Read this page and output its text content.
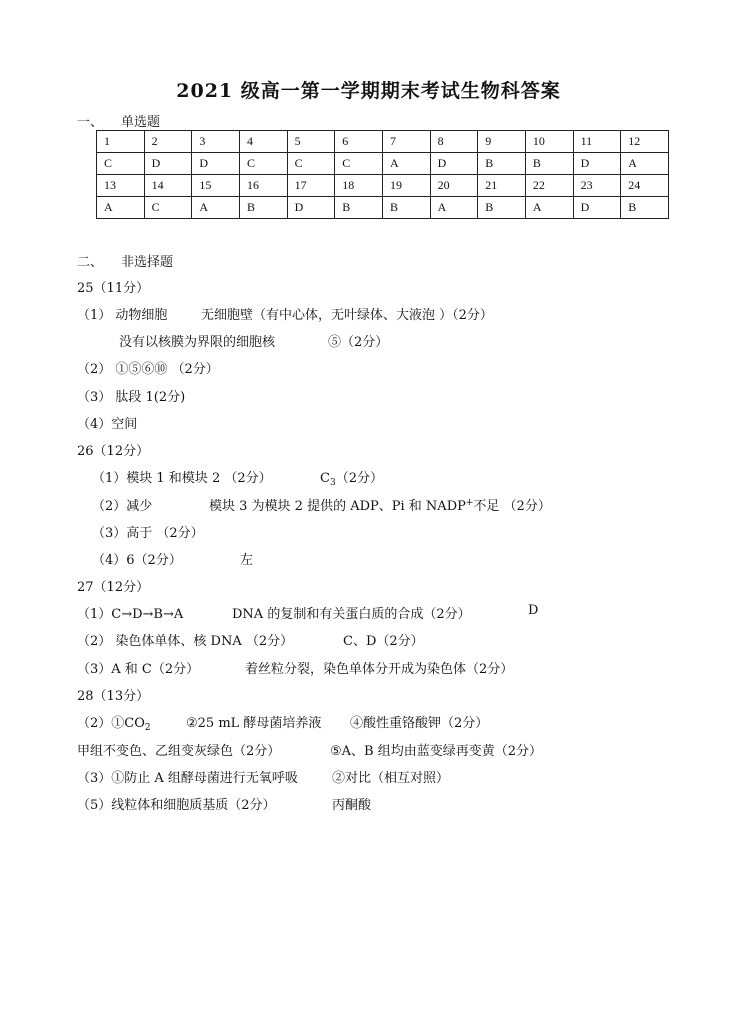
2021 级高一第一学期期末考试生物科答案
一、 单选题
1	2	3	4	5	6	7	8	9	10	11	12
C	D	D	C	C	C	A	D	B	B	D	A
13	14	15	16	17	18	19	20	21	22	23	24
A	C	A	B	D	B	B	A	B	A	D	B
二、 非选择题
25（11分）
（1） 动物细胞	无细胞壁（有中心体，无叶绿体、大液泡 ）（2分）
没有以核膜为界限的细胞核	⑤（2分）
（2） ①⑤⑥⑩ （2分）
（3） 肽段 1(2分)
（4）空间
26（12分）
（1）模块 1 和模块 2 （2分）	$C_3(2$分）
（2）减少	模块 3 为模块 2 提供的 ADP、Pi 和 NADP+不足 （2分）
（3）高于 （2分）
（4）6（2分）	左
27（12分）
（1）C→D→B→A	DNA 的复制和有关蛋白质的合成（2分）	D
（2） 染色体单体、核 DNA （2分）	C、D（2分）
（3）A 和 C（2分）	着丝粒分裂，染色单体分开成为染色体（2分）
28（13分）
$(2)①CO_2$	②25 mL 酵母菌培养液 ④酸性重铬酸钾（2分）
甲组不变色、乙组变灰绿色（2分）	⑤A、B 组均由蓝变绿再变黄（2分）
（3）①防止 A 组酵母菌进行无氧呼吸	②对比（相互对照）
（5）线粒体和细胞质基质（2分）	丙酮酸
